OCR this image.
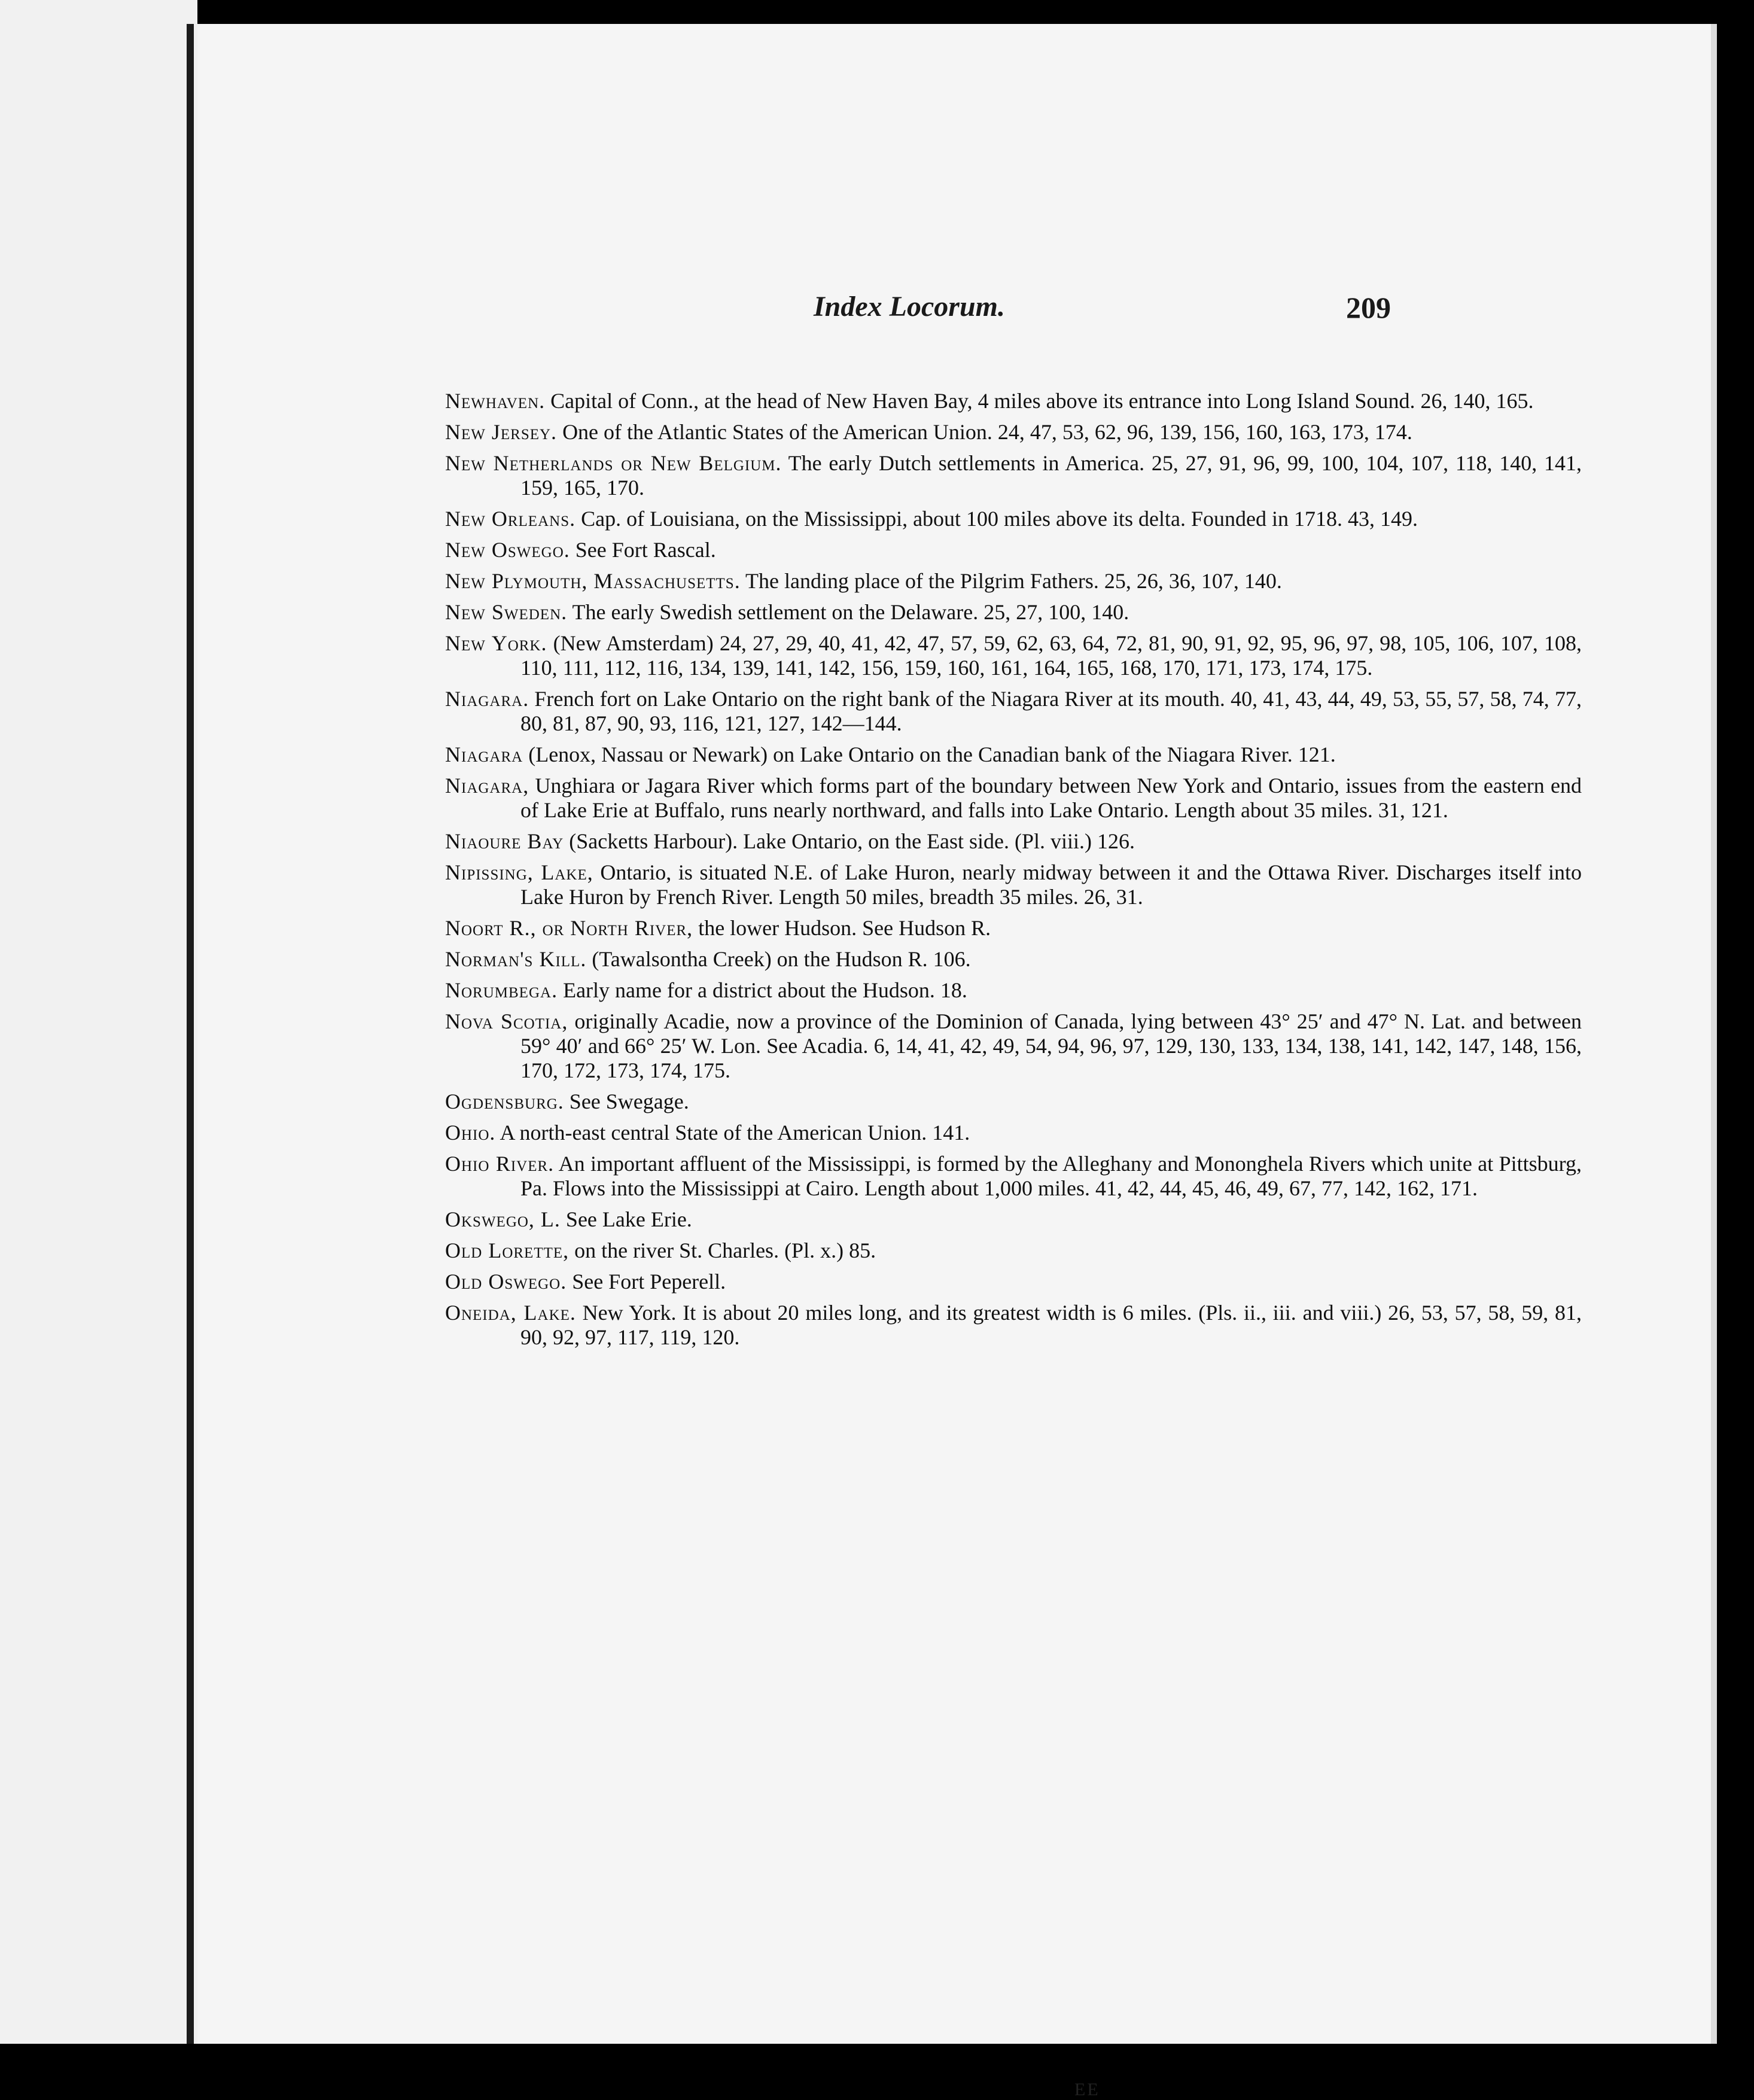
Index Locorum.	209

Newhaven. Capital of Conn., at the head of New Haven Bay, 4 miles above its entrance into Long Island Sound. 26, 140, 165.

New Jersey. One of the Atlantic States of the American Union. 24, 47, 53, 62, 96, 139, 156, 160, 163, 173, 174.

New Netherlands or New Belgium. The early Dutch settlements in America. 25, 27, 91, 96, 99, 100, 104, 107, 118, 140, 141, 159, 165, 170.

New Orleans. Cap. of Louisiana, on the Mississippi, about 100 miles above its delta. Founded in 1718. 43, 149.

New Oswego. See Fort Rascal.

New Plymouth, Massachusetts. The landing place of the Pilgrim Fathers. 25, 26, 36, 107, 140.

New Sweden. The early Swedish settlement on the Delaware. 25, 27, 100, 140.

New York. (New Amsterdam) 24, 27, 29, 40, 41, 42, 47, 57, 59, 62, 63, 64, 72, 81, 90, 91, 92, 95, 96, 97, 98, 105, 106, 107, 108, 110, 111, 112, 116, 134, 139, 141, 142, 156, 159, 160, 161, 164, 165, 168, 170, 171, 173, 174, 175.

Niagara. French fort on Lake Ontario on the right bank of the Niagara River at its mouth. 40, 41, 43, 44, 49, 53, 55, 57, 58, 74, 77, 80, 81, 87, 90, 93, 116, 121, 127, 142—144.

Niagara (Lenox, Nassau or Newark) on Lake Ontario on the Canadian bank of the Niagara River. 121.

Niagara, Unghiara or Jagara River which forms part of the boundary between New York and Ontario, issues from the eastern end of Lake Erie at Buffalo, runs nearly northward, and falls into Lake Ontario. Length about 35 miles. 31, 121.

Niaoure Bay (Sacketts Harbour). Lake Ontario, on the East side. (Pl. viii.) 126.

Nipissing, Lake, Ontario, is situated N.E. of Lake Huron, nearly midway between it and the Ottawa River. Discharges itself into Lake Huron by French River. Length 50 miles, breadth 35 miles. 26, 31.

Noort R., or North River, the lower Hudson. See Hudson R.

Norman's Kill. (Tawalsontha Creek) on the Hudson R. 106.

Norumbega. Early name for a district about the Hudson. 18.

Nova Scotia, originally Acadie, now a province of the Dominion of Canada, lying between 43° 25′ and 47° N. Lat. and between 59° 40′ and 66° 25′ W. Lon. See Acadia. 6, 14, 41, 42, 49, 54, 94, 96, 97, 129, 130, 133, 134, 138, 141, 142, 147, 148, 156, 170, 172, 173, 174, 175.

Ogdensburg. See Swegage.

Ohio. A north-east central State of the American Union. 141.

Ohio River. An important affluent of the Mississippi, is formed by the Alleghany and Mononghela Rivers which unite at Pittsburg, Pa. Flows into the Mississippi at Cairo. Length about 1,000 miles. 41, 42, 44, 45, 46, 49, 67, 77, 142, 162, 171.

Okswego, L. See Lake Erie.

Old Lorette, on the river St. Charles. (Pl. x.) 85.

Old Oswego. See Fort Peperell.

Oneida, Lake. New York. It is about 20 miles long, and its greatest width is 6 miles. (Pls. ii., iii. and viii.) 26, 53, 57, 58, 59, 81, 90, 92, 97, 117, 119, 120.

EE
